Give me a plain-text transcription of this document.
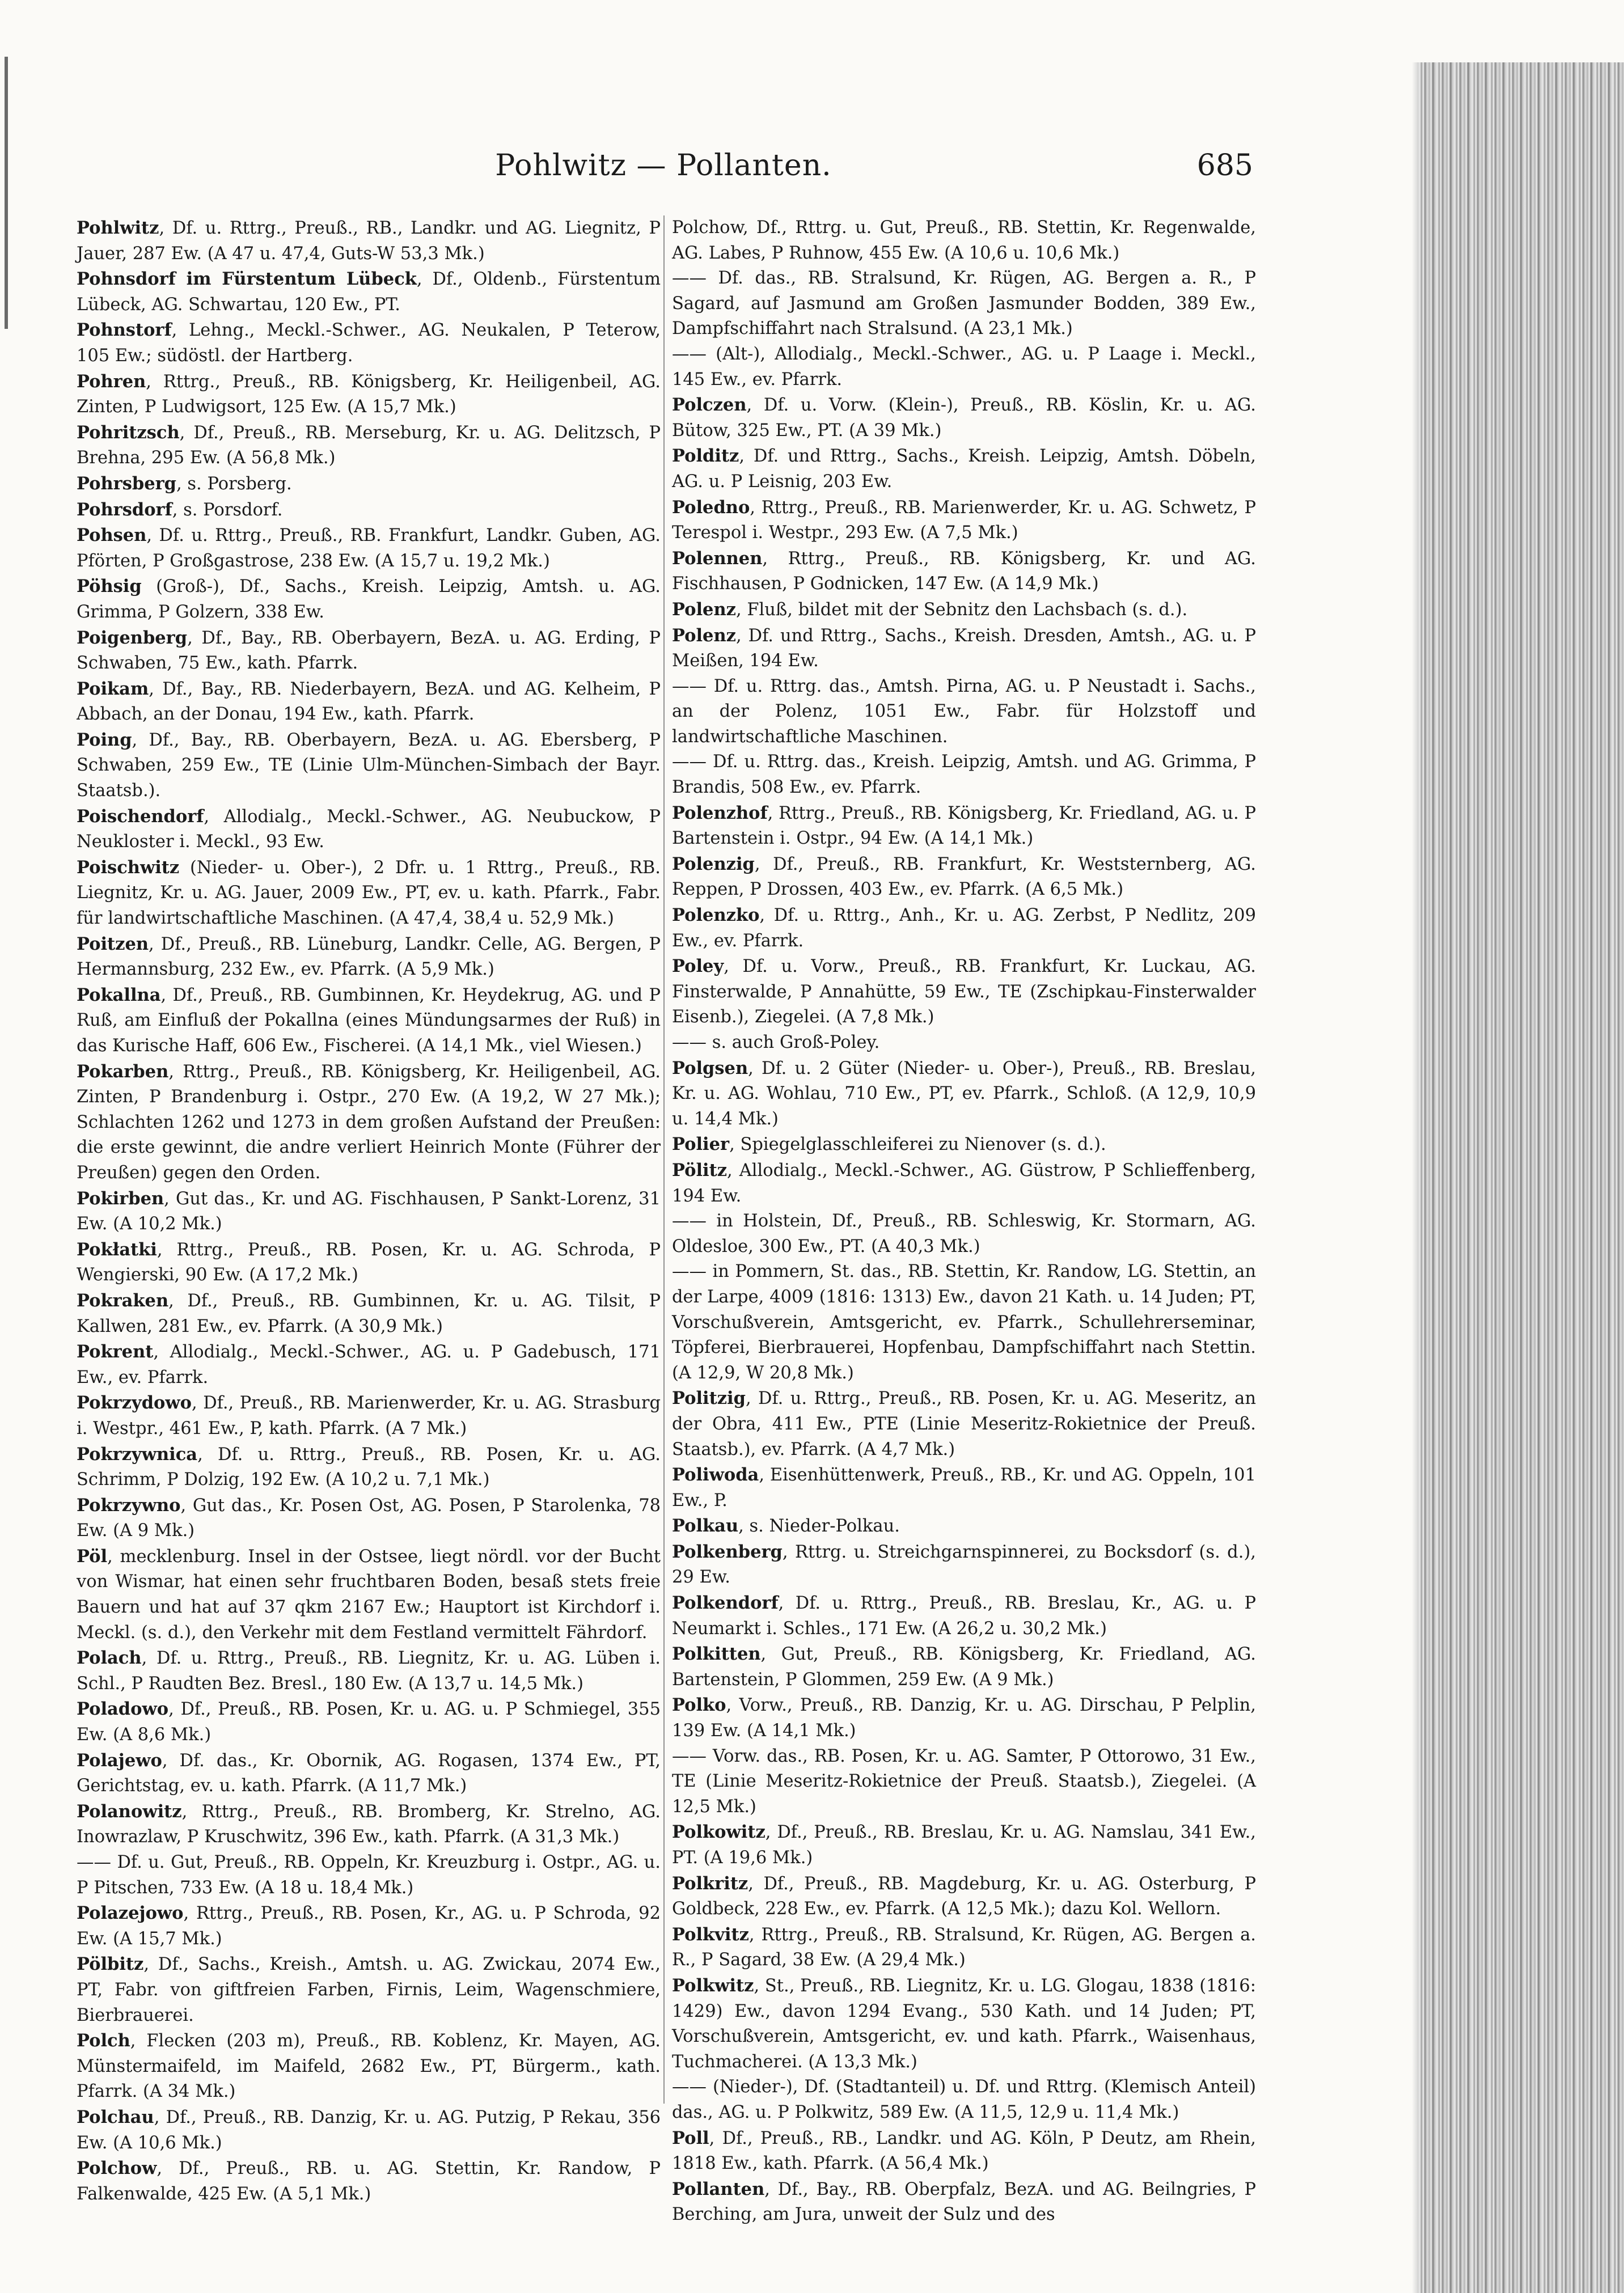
Pohlwitz — Pollanten.	685

Pohlwitz, Df. u. Rttrg., Preuß., RB., Landkr. und AG. Liegnitz, P Jauer, 287 Ew. (A 47 u. 47,4, Guts-W 53,3 Mk.)

Pohnsdorf im Fürstentum Lübeck, Df., Oldenb., Fürstentum Lübeck, AG. Schwartau, 120 Ew., PT.

Pohnstorf, Lehng., Meckl.-Schwer., AG. Neukalen, P Teterow, 105 Ew.; südöstl. der Hartberg.

Pohren, Rttrg., Preuß., RB. Königsberg, Kr. Heiligenbeil, AG. Zinten, P Ludwigsort, 125 Ew. (A 15,7 Mk.)

Pohritzsch, Df., Preuß., RB. Merseburg, Kr. u. AG. Delitzsch, P Brehna, 295 Ew. (A 56,8 Mk.)

Pohrsberg, s. Porsberg.

Pohrsdorf, s. Porsdorf.

Pohsen, Df. u. Rttrg., Preuß., RB. Frankfurt, Landkr. Guben, AG. Pförten, P Großgastrose, 238 Ew. (A 15,7 u. 19,2 Mk.)

Pöhsig (Groß-), Df., Sachs., Kreish. Leipzig, Amtsh. u. AG. Grimma, P Golzern, 338 Ew.

Poigenberg, Df., Bay., RB. Oberbayern, BezA. u. AG. Erding, P Schwaben, 75 Ew., kath. Pfarrk.

Poikam, Df., Bay., RB. Niederbayern, BezA. und AG. Kelheim, P Abbach, an der Donau, 194 Ew., kath. Pfarrk.

Poing, Df., Bay., RB. Oberbayern, BezA. u. AG. Ebersberg, P Schwaben, 259 Ew., TE (Linie Ulm-München-Simbach der Bayr. Staatsb.).

Poischendorf, Allodialg., Meckl.-Schwer., AG. Neubuckow, P Neukloster i. Meckl., 93 Ew.

Poischwitz (Nieder- u. Ober-), 2 Dfr. u. 1 Rttrg., Preuß., RB. Liegnitz, Kr. u. AG. Jauer, 2009 Ew., PT, ev. u. kath. Pfarrk., Fabr. für landwirtschaftliche Maschinen. (A 47,4, 38,4 u. 52,9 Mk.)

Poitzen, Df., Preuß., RB. Lüneburg, Landkr. Celle, AG. Bergen, P Hermannsburg, 232 Ew., ev. Pfarrk. (A 5,9 Mk.)

Pokallna, Df., Preuß., RB. Gumbinnen, Kr. Heydekrug, AG. und P Ruß, am Einfluß der Pokallna (eines Mündungsarmes der Ruß) in das Kurische Haff, 606 Ew., Fischerei. (A 14,1 Mk., viel Wiesen.)

Pokarben, Rttrg., Preuß., RB. Königsberg, Kr. Heiligenbeil, AG. Zinten, P Brandenburg i. Ostpr., 270 Ew. (A 19,2, W 27 Mk.); Schlachten 1262 und 1273 in dem großen Aufstand der Preußen: die erste gewinnt, die andre verliert Heinrich Monte (Führer der Preußen) gegen den Orden.

Pokirben, Gut das., Kr. und AG. Fischhausen, P Sankt-Lorenz, 31 Ew. (A 10,2 Mk.)

Pokłatki, Rttrg., Preuß., RB. Posen, Kr. u. AG. Schroda, P Wengierski, 90 Ew. (A 17,2 Mk.)

Pokraken, Df., Preuß., RB. Gumbinnen, Kr. u. AG. Tilsit, P Kallwen, 281 Ew., ev. Pfarrk. (A 30,9 Mk.)

Pokrent, Allodialg., Meckl.-Schwer., AG. u. P Gadebusch, 171 Ew., ev. Pfarrk.

Pokrzydowo, Df., Preuß., RB. Marienwerder, Kr. u. AG. Strasburg i. Westpr., 461 Ew., P, kath. Pfarrk. (A 7 Mk.)

Pokrzywnica, Df. u. Rttrg., Preuß., RB. Posen, Kr. u. AG. Schrimm, P Dolzig, 192 Ew. (A 10,2 u. 7,1 Mk.)

Pokrzywno, Gut das., Kr. Posen Ost, AG. Posen, P Starolenka, 78 Ew. (A 9 Mk.)

Pöl, mecklenburg. Insel in der Ostsee, liegt nördl. vor der Bucht von Wismar, hat einen sehr fruchtbaren Boden, besaß stets freie Bauern und hat auf 37 qkm 2167 Ew.; Hauptort ist Kirchdorf i. Meckl. (s. d.), den Verkehr mit dem Festland vermittelt Fährdorf.

Polach, Df. u. Rttrg., Preuß., RB. Liegnitz, Kr. u. AG. Lüben i. Schl., P Raudten Bez. Bresl., 180 Ew. (A 13,7 u. 14,5 Mk.)

Poladowo, Df., Preuß., RB. Posen, Kr. u. AG. u. P Schmiegel, 355 Ew. (A 8,6 Mk.)

Polajewo, Df. das., Kr. Obornik, AG. Rogasen, 1374 Ew., PT, Gerichtstag, ev. u. kath. Pfarrk. (A 11,7 Mk.)

Polanowitz, Rttrg., Preuß., RB. Bromberg, Kr. Strelno, AG. Inowrazlaw, P Kruschwitz, 396 Ew., kath. Pfarrk. (A 31,3 Mk.)

—— Df. u. Gut, Preuß., RB. Oppeln, Kr. Kreuzburg i. Ostpr., AG. u. P Pitschen, 733 Ew. (A 18 u. 18,4 Mk.)

Polazejowo, Rttrg., Preuß., RB. Posen, Kr., AG. u. P Schroda, 92 Ew. (A 15,7 Mk.)

Pölbitz, Df., Sachs., Kreish., Amtsh. u. AG. Zwickau, 2074 Ew., PT, Fabr. von giftfreien Farben, Firnis, Leim, Wagenschmiere, Bierbrauerei.

Polch, Flecken (203 m), Preuß., RB. Koblenz, Kr. Mayen, AG. Münstermaifeld, im Maifeld, 2682 Ew., PT, Bürgerm., kath. Pfarrk. (A 34 Mk.)

Polchau, Df., Preuß., RB. Danzig, Kr. u. AG. Putzig, P Rekau, 356 Ew. (A 10,6 Mk.)

Polchow, Df., Preuß., RB. u. AG. Stettin, Kr. Randow, P Falkenwalde, 425 Ew. (A 5,1 Mk.)

Polchow, Df., Rttrg. u. Gut, Preuß., RB. Stettin, Kr. Regenwalde, AG. Labes, P Ruhnow, 455 Ew. (A 10,6 u. 10,6 Mk.)

—— Df. das., RB. Stralsund, Kr. Rügen, AG. Bergen a. R., P Sagard, auf Jasmund am Großen Jasmunder Bodden, 389 Ew., Dampfschiffahrt nach Stralsund. (A 23,1 Mk.)

—— (Alt-), Allodialg., Meckl.-Schwer., AG. u. P Laage i. Meckl., 145 Ew., ev. Pfarrk.

Polczen, Df. u. Vorw. (Klein-), Preuß., RB. Köslin, Kr. u. AG. Bütow, 325 Ew., PT. (A 39 Mk.)

Polditz, Df. und Rttrg., Sachs., Kreish. Leipzig, Amtsh. Döbeln, AG. u. P Leisnig, 203 Ew.

Poledno, Rttrg., Preuß., RB. Marienwerder, Kr. u. AG. Schwetz, P Terespol i. Westpr., 293 Ew. (A 7,5 Mk.)

Polennen, Rttrg., Preuß., RB. Königsberg, Kr. und AG. Fischhausen, P Godnicken, 147 Ew. (A 14,9 Mk.)

Polenz, Fluß, bildet mit der Sebnitz den Lachsbach (s. d.).

Polenz, Df. und Rttrg., Sachs., Kreish. Dresden, Amtsh., AG. u. P Meißen, 194 Ew.

—— Df. u. Rttrg. das., Amtsh. Pirna, AG. u. P Neustadt i. Sachs., an der Polenz, 1051 Ew., Fabr. für Holzstoff und landwirtschaftliche Maschinen.

—— Df. u. Rttrg. das., Kreish. Leipzig, Amtsh. und AG. Grimma, P Brandis, 508 Ew., ev. Pfarrk.

Polenzhof, Rttrg., Preuß., RB. Königsberg, Kr. Friedland, AG. u. P Bartenstein i. Ostpr., 94 Ew. (A 14,1 Mk.)

Polenzig, Df., Preuß., RB. Frankfurt, Kr. Weststernberg, AG. Reppen, P Drossen, 403 Ew., ev. Pfarrk. (A 6,5 Mk.)

Polenzko, Df. u. Rttrg., Anh., Kr. u. AG. Zerbst, P Nedlitz, 209 Ew., ev. Pfarrk.

Poley, Df. u. Vorw., Preuß., RB. Frankfurt, Kr. Luckau, AG. Finsterwalde, P Annahütte, 59 Ew., TE (Zschipkau-Finsterwalder Eisenb.), Ziegelei. (A 7,8 Mk.)

—— s. auch Groß-Poley.

Polgsen, Df. u. 2 Güter (Nieder- u. Ober-), Preuß., RB. Breslau, Kr. u. AG. Wohlau, 710 Ew., PT, ev. Pfarrk., Schloß. (A 12,9, 10,9 u. 14,4 Mk.)

Polier, Spiegelglasschleiferei zu Nienover (s. d.).

Pölitz, Allodialg., Meckl.-Schwer., AG. Güstrow, P Schlieffenberg, 194 Ew.

—— in Holstein, Df., Preuß., RB. Schleswig, Kr. Stormarn, AG. Oldesloe, 300 Ew., PT. (A 40,3 Mk.)

—— in Pommern, St. das., RB. Stettin, Kr. Randow, LG. Stettin, an der Larpe, 4009 (1816: 1313) Ew., davon 21 Kath. u. 14 Juden; PT, Vorschußverein, Amtsgericht, ev. Pfarrk., Schullehrerseminar, Töpferei, Bierbrauerei, Hopfenbau, Dampfschiffahrt nach Stettin. (A 12,9, W 20,8 Mk.)

Politzig, Df. u. Rttrg., Preuß., RB. Posen, Kr. u. AG. Meseritz, an der Obra, 411 Ew., PTE (Linie Meseritz-Rokietnice der Preuß. Staatsb.), ev. Pfarrk. (A 4,7 Mk.)

Poliwoda, Eisenhüttenwerk, Preuß., RB., Kr. und AG. Oppeln, 101 Ew., P.

Polkau, s. Nieder-Polkau.

Polkenberg, Rttrg. u. Streichgarnspinnerei, zu Bocksdorf (s. d.), 29 Ew.

Polkendorf, Df. u. Rttrg., Preuß., RB. Breslau, Kr., AG. u. P Neumarkt i. Schles., 171 Ew. (A 26,2 u. 30,2 Mk.)

Polkitten, Gut, Preuß., RB. Königsberg, Kr. Friedland, AG. Bartenstein, P Glommen, 259 Ew. (A 9 Mk.)

Polko, Vorw., Preuß., RB. Danzig, Kr. u. AG. Dirschau, P Pelplin, 139 Ew. (A 14,1 Mk.)

—— Vorw. das., RB. Posen, Kr. u. AG. Samter, P Ottorowo, 31 Ew., TE (Linie Meseritz-Rokietnice der Preuß. Staatsb.), Ziegelei. (A 12,5 Mk.)

Polkowitz, Df., Preuß., RB. Breslau, Kr. u. AG. Namslau, 341 Ew., PT. (A 19,6 Mk.)

Polkritz, Df., Preuß., RB. Magdeburg, Kr. u. AG. Osterburg, P Goldbeck, 228 Ew., ev. Pfarrk. (A 12,5 Mk.); dazu Kol. Wellorn.

Polkvitz, Rttrg., Preuß., RB. Stralsund, Kr. Rügen, AG. Bergen a. R., P Sagard, 38 Ew. (A 29,4 Mk.)

Polkwitz, St., Preuß., RB. Liegnitz, Kr. u. LG. Glogau, 1838 (1816: 1429) Ew., davon 1294 Evang., 530 Kath. und 14 Juden; PT, Vorschußverein, Amtsgericht, ev. und kath. Pfarrk., Waisenhaus, Tuchmacherei. (A 13,3 Mk.)

—— (Nieder-), Df. (Stadtanteil) u. Df. und Rttrg. (Klemisch Anteil) das., AG. u. P Polkwitz, 589 Ew. (A 11,5, 12,9 u. 11,4 Mk.)

Poll, Df., Preuß., RB., Landkr. und AG. Köln, P Deutz, am Rhein, 1818 Ew., kath. Pfarrk. (A 56,4 Mk.)

Pollanten, Df., Bay., RB. Oberpfalz, BezA. und AG. Beilngries, P Berching, am Jura, unweit der Sulz und des
